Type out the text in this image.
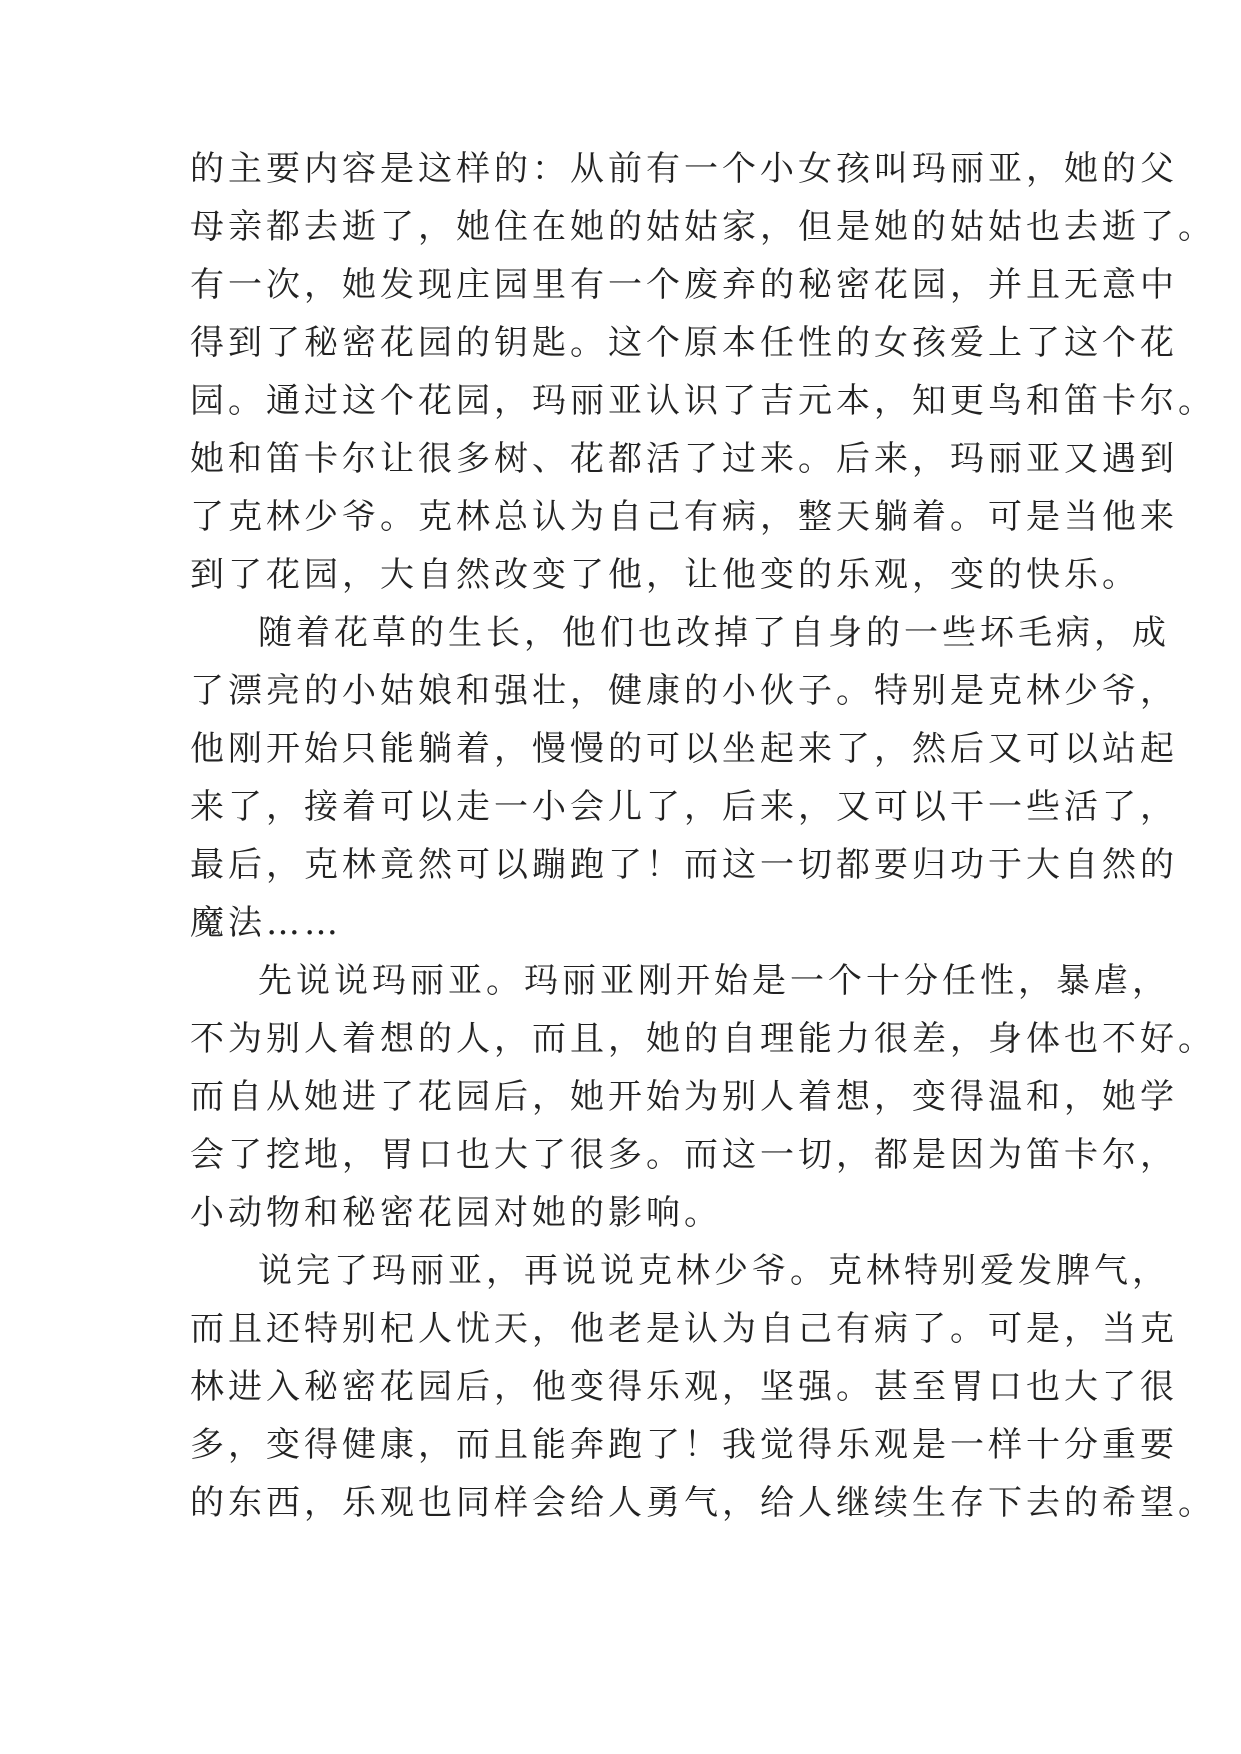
的主要内容是这样的：从前有一个小女孩叫玛丽亚，她的父
母亲都去逝了，她住在她的姑姑家，但是她的姑姑也去逝了。
有一次，她发现庄园里有一个废弃的秘密花园，并且无意中
得到了秘密花园的钥匙。这个原本任性的女孩爱上了这个花
园。通过这个花园，玛丽亚认识了吉元本，知更鸟和笛卡尔。
她和笛卡尔让很多树、花都活了过来。后来，玛丽亚又遇到
了克林少爷。克林总认为自己有病，整天躺着。可是当他来
到了花园，大自然改变了他，让他变的乐观，变的快乐。
随着花草的生长，他们也改掉了自身的一些坏毛病，成
了漂亮的小姑娘和强壮，健康的小伙子。特别是克林少爷，
他刚开始只能躺着，慢慢的可以坐起来了，然后又可以站起
来了，接着可以走一小会儿了，后来，又可以干一些活了，
最后，克林竟然可以蹦跑了！而这一切都要归功于大自然的
魔法……
先说说玛丽亚。玛丽亚刚开始是一个十分任性，暴虐，
不为别人着想的人，而且，她的自理能力很差，身体也不好。
而自从她进了花园后，她开始为别人着想，变得温和，她学
会了挖地，胃口也大了很多。而这一切，都是因为笛卡尔，
小动物和秘密花园对她的影响。
说完了玛丽亚，再说说克林少爷。克林特别爱发脾气，
而且还特别杞人忧天，他老是认为自己有病了。可是，当克
林进入秘密花园后，他变得乐观，坚强。甚至胃口也大了很
多，变得健康，而且能奔跑了！我觉得乐观是一样十分重要
的东西，乐观也同样会给人勇气，给人继续生存下去的希望。
